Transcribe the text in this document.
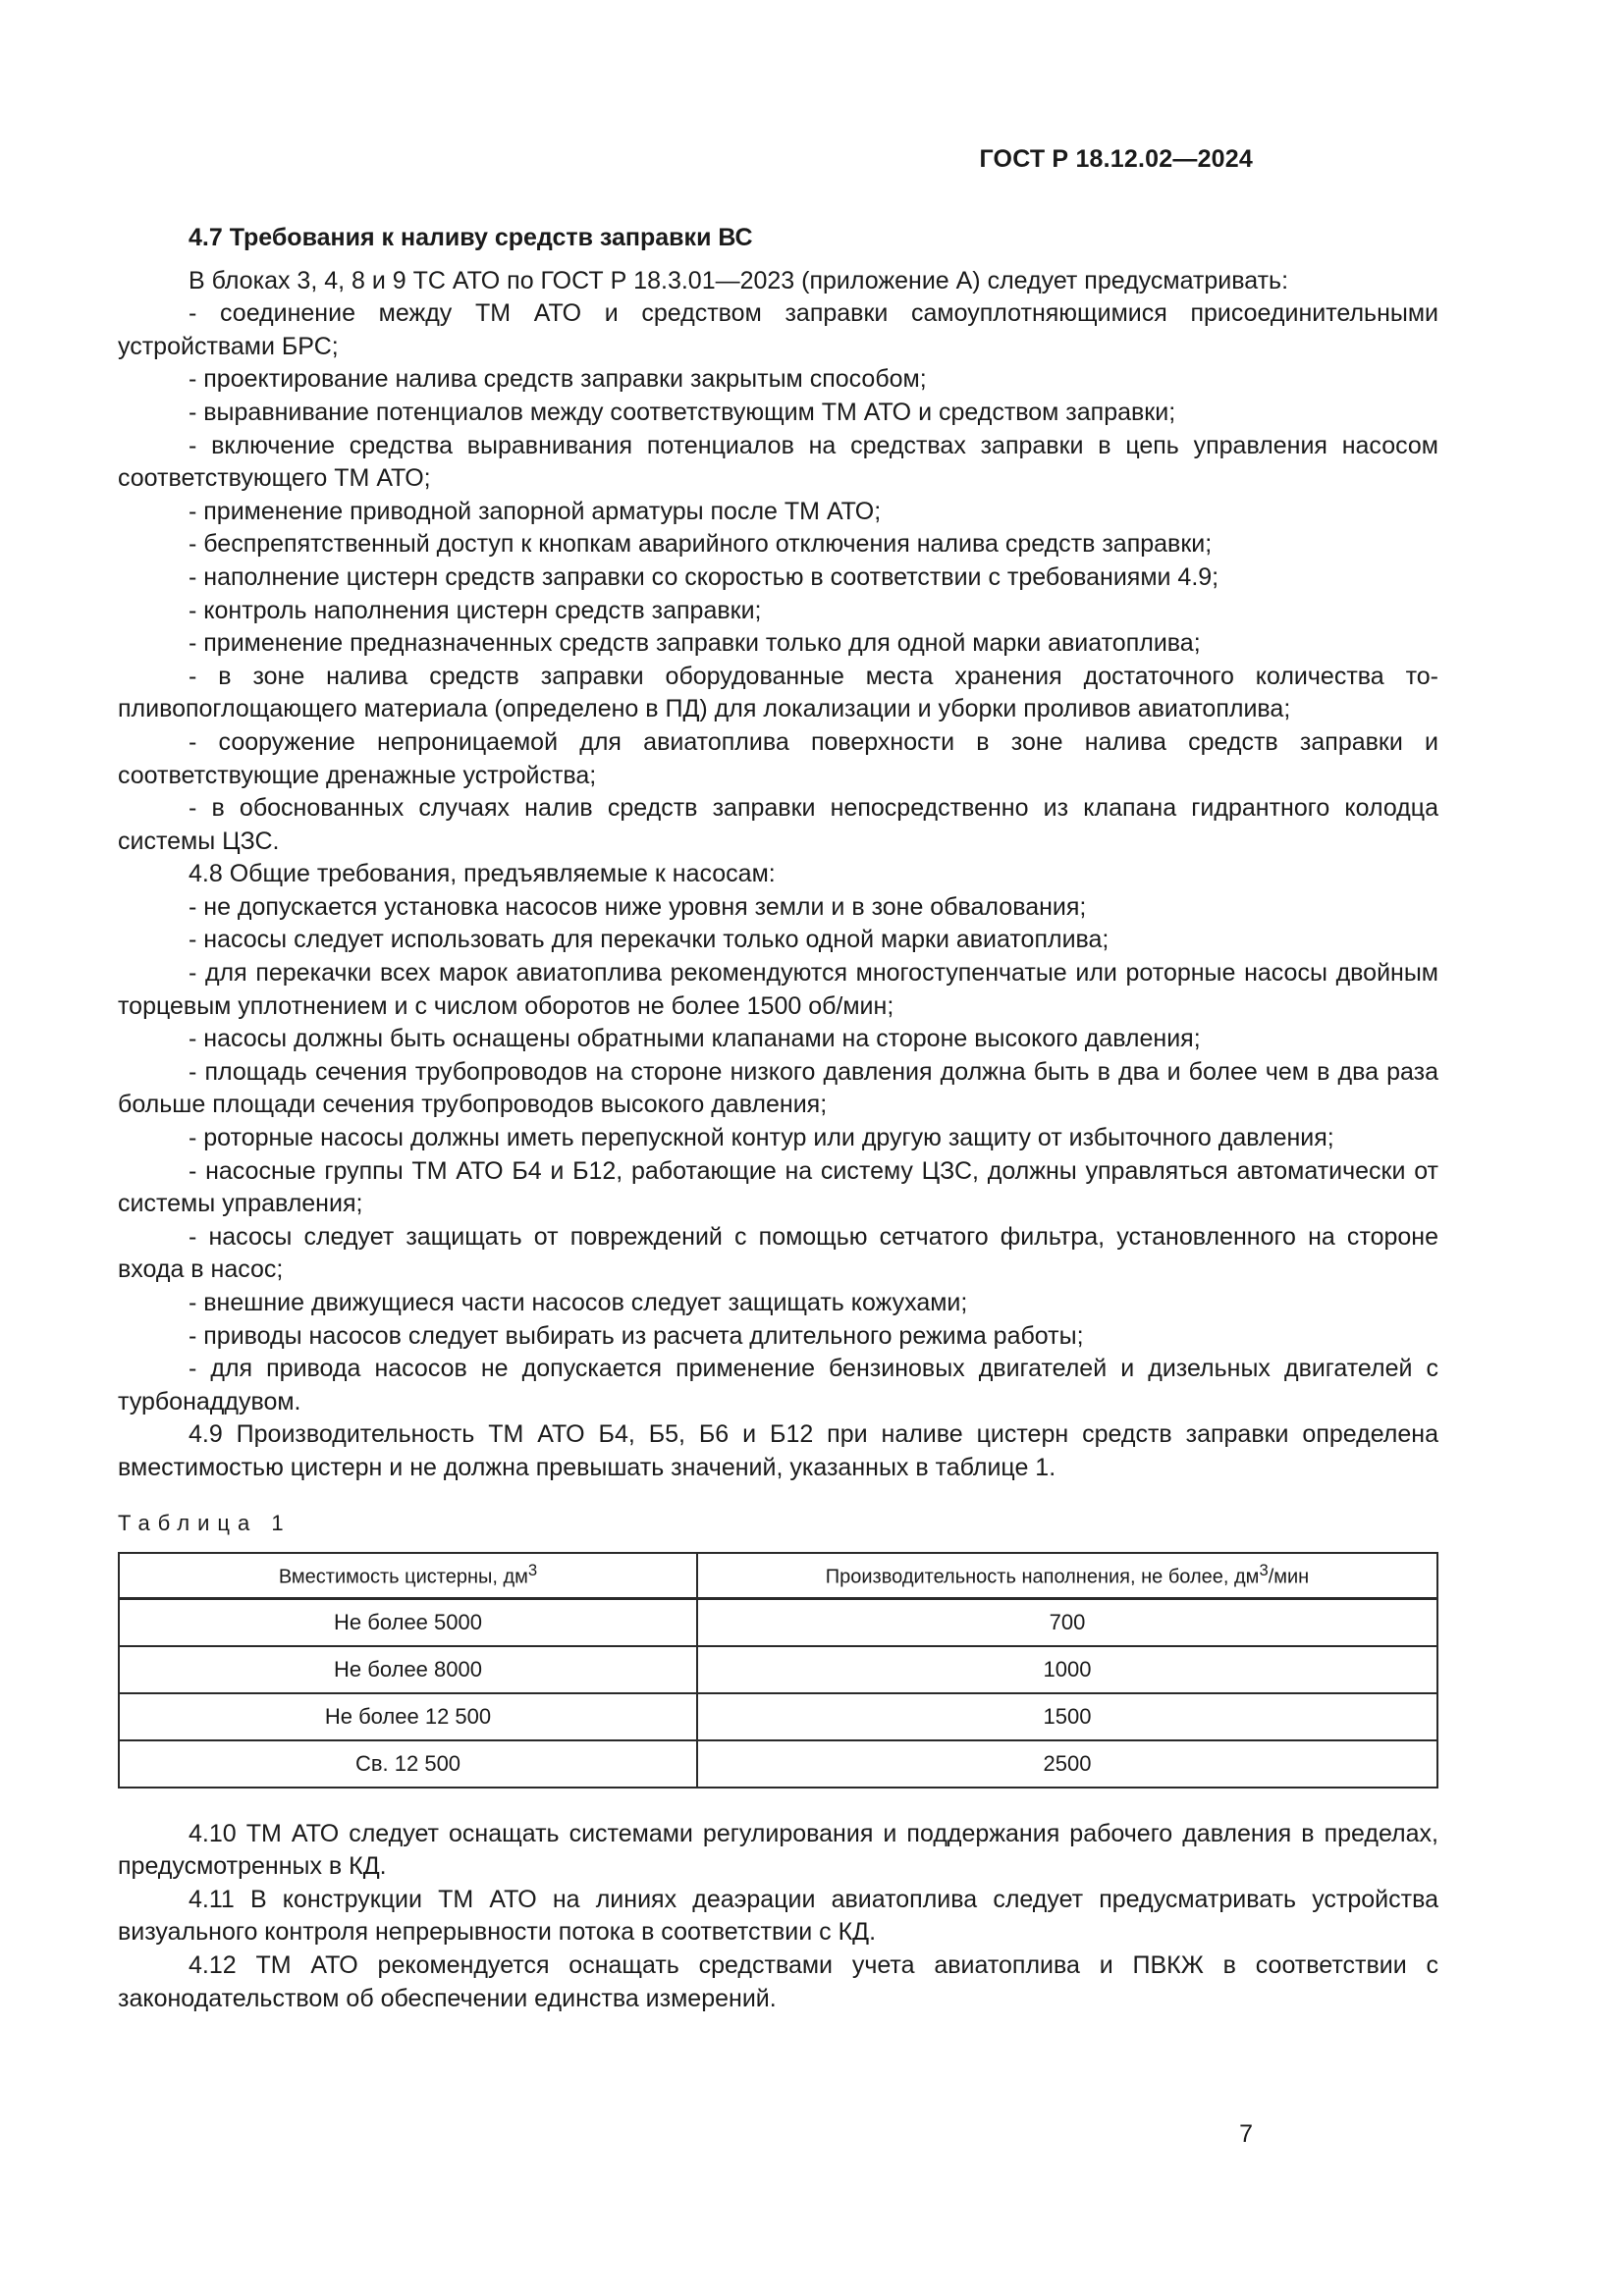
ГОСТ Р 18.12.02—2024
4.7 Требования к наливу средств заправки ВС

В блоках 3, 4, 8 и 9 ТС АТО по ГОСТ Р 18.3.01—2023 (приложение А) следует предусматривать:

- соединение между ТМ АТО и средством заправки самоуплотняющимися присоединительными устройствами БРС;

- проектирование налива средств заправки закрытым способом;

- выравнивание потенциалов между соответствующим ТМ АТО и средством заправки;

- включение средства выравнивания потенциалов на средствах заправки в цепь управления насосом соответствующего ТМ АТО;

- применение приводной запорной арматуры после ТМ АТО;

- беспрепятственный доступ к кнопкам аварийного отключения налива средств заправки;

- наполнение цистерн средств заправки со скоростью в соответствии с требованиями 4.9;

- контроль наполнения цистерн средств заправки;

- применение предназначенных средств заправки только для одной марки авиатоплива;

- в зоне налива средств заправки оборудованные места хранения достаточного количества топливопоглощающего материала (определено в ПД) для локализации и уборки проливов авиатоплива;

- сооружение непроницаемой для авиатоплива поверхности в зоне налива средств заправки и соответствующие дренажные устройства;

- в обоснованных случаях налив средств заправки непосредственно из клапана гидрантного колодца системы ЦЗС.

4.8 Общие требования, предъявляемые к насосам:

- не допускается установка насосов ниже уровня земли и в зоне обвалования;

- насосы следует использовать для перекачки только одной марки авиатоплива;

- для перекачки всех марок авиатоплива рекомендуются многоступенчатые или роторные насосы двойным торцевым уплотнением и с числом оборотов не более 1500 об/мин;

- насосы должны быть оснащены обратными клапанами на стороне высокого давления;

- площадь сечения трубопроводов на стороне низкого давления должна быть в два и более чем в два раза больше площади сечения трубопроводов высокого давления;

- роторные насосы должны иметь перепускной контур или другую защиту от избыточного давления;

- насосные группы ТМ АТО Б4 и Б12, работающие на систему ЦЗС, должны управляться автоматически от системы управления;

- насосы следует защищать от повреждений с помощью сетчатого фильтра, установленного на стороне входа в насос;

- внешние движущиеся части насосов следует защищать кожухами;

- приводы насосов следует выбирать из расчета длительного режима работы;

- для привода насосов не допускается применение бензиновых двигателей и дизельных двигателей с турбонаддувом.

4.9 Производительность ТМ АТО Б4, Б5, Б6 и Б12 при наливе цистерн средств заправки определена вместимостью цистерн и не должна превышать значений, указанных в таблице 1.

Таблица 1
Вместимость цистерны, $дм^3$	Производительность наполнения, не более, $дм^3$/мин
Не более 5000	700
Не более 8000	1000
Не более 12 500	1500
Св. 12 500	2500

4.10 ТМ АТО следует оснащать системами регулирования и поддержания рабочего давления в пределах, предусмотренных в КД.

4.11 В конструкции ТМ АТО на линиях деаэрации авиатоплива следует предусматривать устройства визуального контроля непрерывности потока в соответствии с КД.

4.12 ТМ АТО рекомендуется оснащать средствами учета авиатоплива и ПВКЖ в соответствии с законодательством об обеспечении единства измерений.

7
